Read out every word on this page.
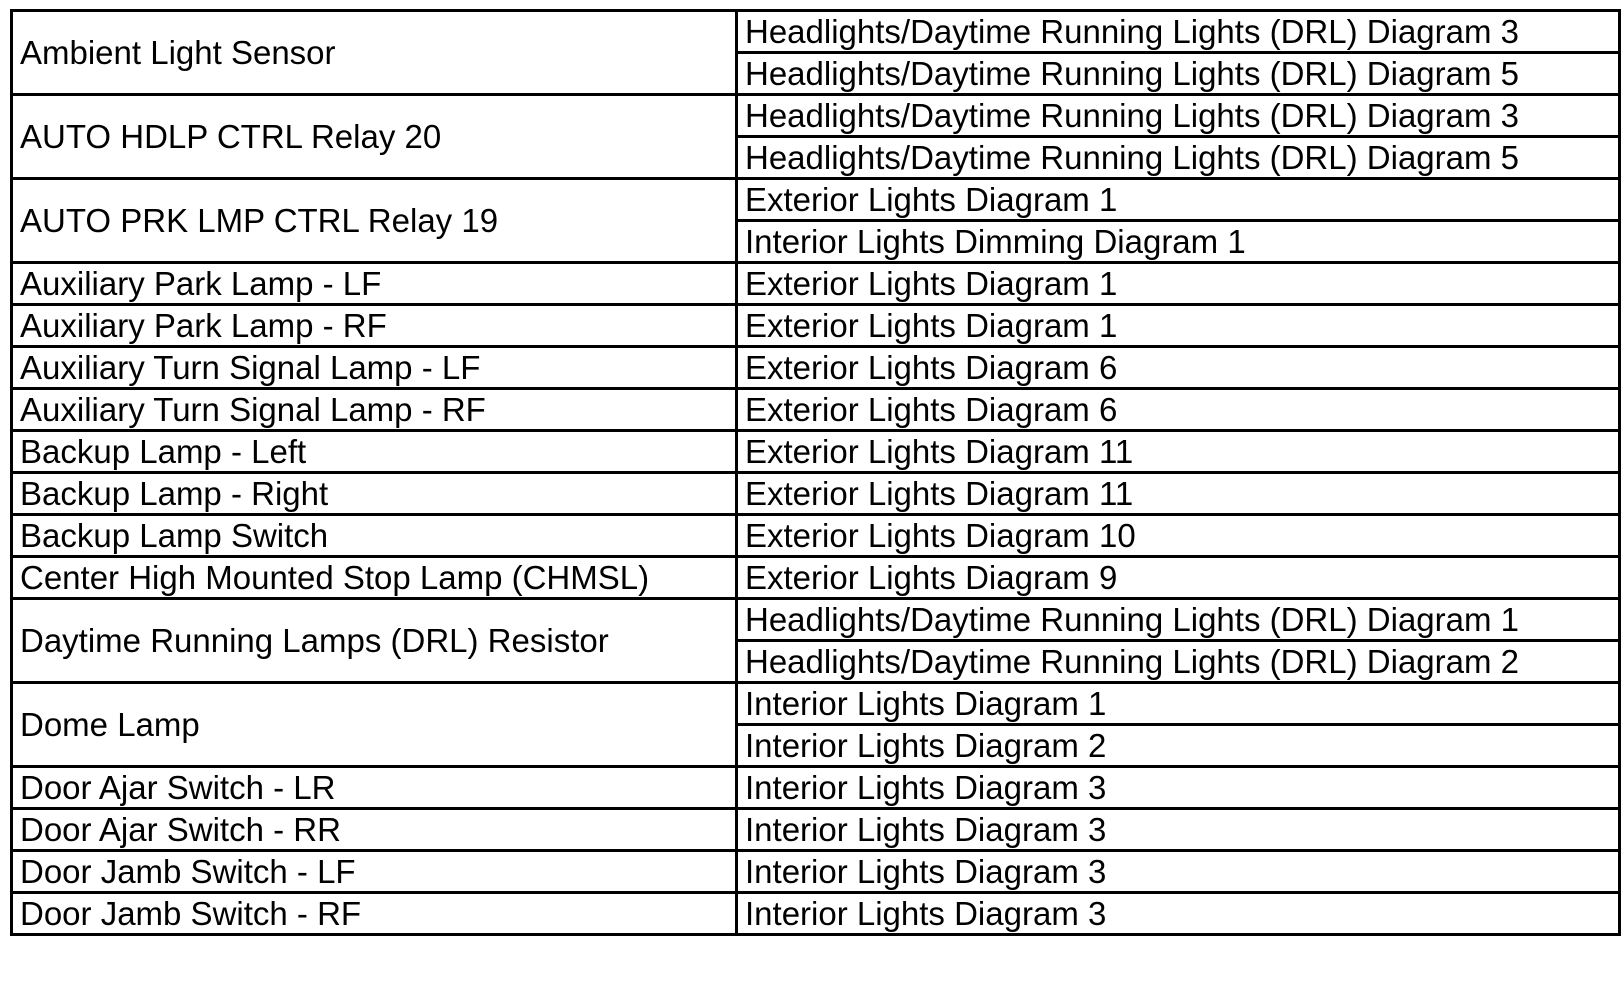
Ambient Light Sensor	Headlights/Daytime Running Lights (DRL) Diagram 3
	Headlights/Daytime Running Lights (DRL) Diagram 5
AUTO HDLP CTRL Relay 20	Headlights/Daytime Running Lights (DRL) Diagram 3
	Headlights/Daytime Running Lights (DRL) Diagram 5
AUTO PRK LMP CTRL Relay 19	Exterior Lights Diagram 1
	Interior Lights Dimming Diagram 1
Auxiliary Park Lamp - LF	Exterior Lights Diagram 1
Auxiliary Park Lamp - RF	Exterior Lights Diagram 1
Auxiliary Turn Signal Lamp - LF	Exterior Lights Diagram 6
Auxiliary Turn Signal Lamp - RF	Exterior Lights Diagram 6
Backup Lamp - Left	Exterior Lights Diagram 11
Backup Lamp - Right	Exterior Lights Diagram 11
Backup Lamp Switch	Exterior Lights Diagram 10
Center High Mounted Stop Lamp (CHMSL)	Exterior Lights Diagram 9
Daytime Running Lamps (DRL) Resistor	Headlights/Daytime Running Lights (DRL) Diagram 1
	Headlights/Daytime Running Lights (DRL) Diagram 2
Dome Lamp	Interior Lights Diagram 1
	Interior Lights Diagram 2
Door Ajar Switch - LR	Interior Lights Diagram 3
Door Ajar Switch - RR	Interior Lights Diagram 3
Door Jamb Switch - LF	Interior Lights Diagram 3
Door Jamb Switch - RF	Interior Lights Diagram 3
